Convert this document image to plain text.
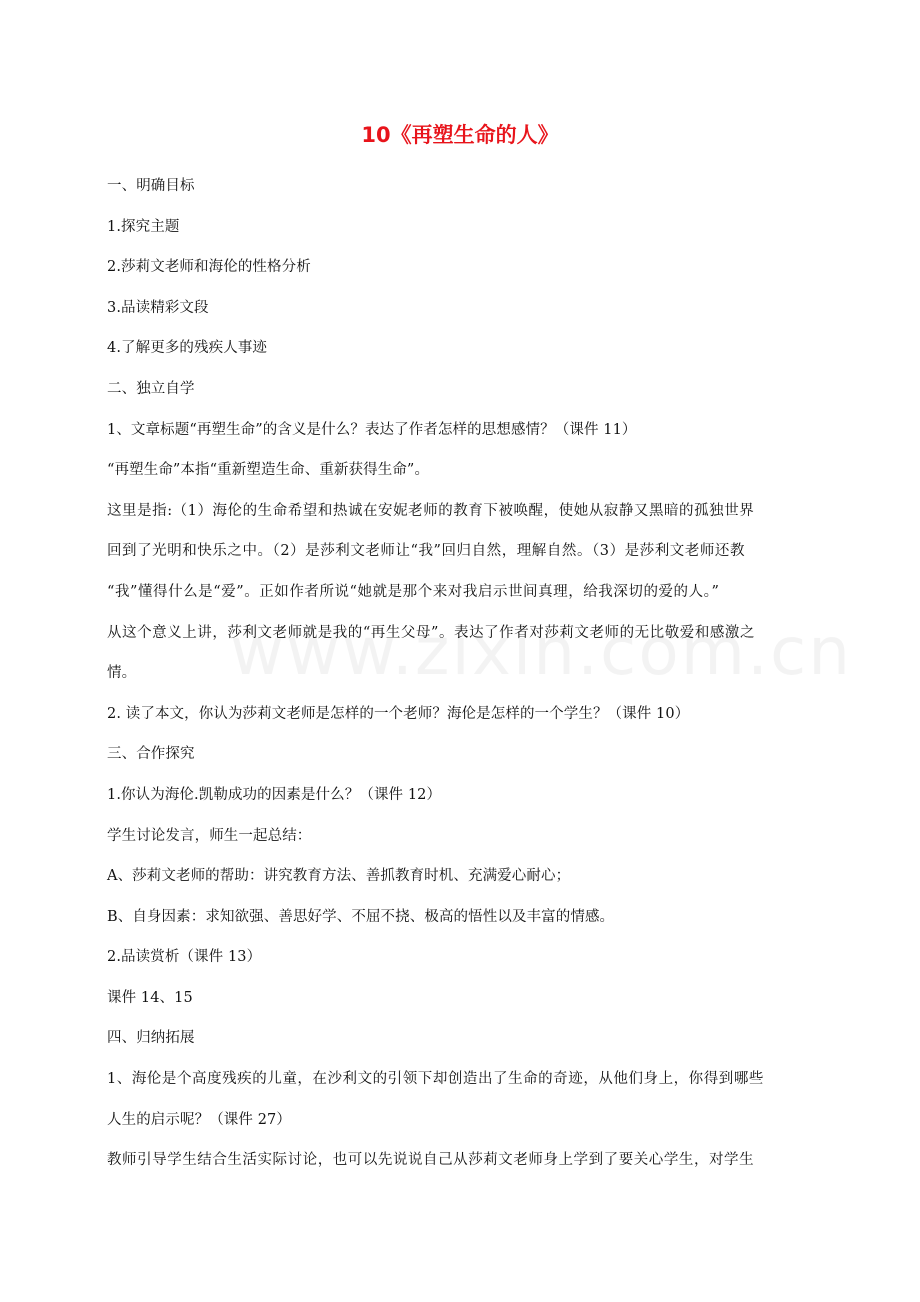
10《再塑生命的人》
一、明确目标
1.探究主题
2.莎莉文老师和海伦的性格分析
3.品读精彩文段
4.了解更多的残疾人事迹
二、独立自学
1、文章标题“再塑生命”的含义是什么？表达了作者怎样的思想感情？（课件 11）
“再塑生命”本指“重新塑造生命、重新获得生命”。
这里是指:（1）海伦的生命希望和热诚在安妮老师的教育下被唤醒，使她从寂静又黑暗的孤独世界
回到了光明和快乐之中。（2）是莎利文老师让“我”回归自然，理解自然。（3）是莎利文老师还教
“我”懂得什么是“爱”。正如作者所说“她就是那个来对我启示世间真理，给我深切的爱的人。”
从这个意义上讲，莎利文老师就是我的“再生父母”。表达了作者对莎莉文老师的无比敬爱和感激之
情。
2. 读了本文，你认为莎莉文老师是怎样的一个老师？海伦是怎样的一个学生？（课件 10）
三、合作探究
1.你认为海伦.凯勒成功的因素是什么？（课件 12）
学生讨论发言，师生一起总结：
A、莎莉文老师的帮助：讲究教育方法、善抓教育时机、充满爱心耐心；
B、自身因素：求知欲强、善思好学、不屈不挠、极高的悟性以及丰富的情感。
2.品读赏析（课件 13）
课件 14、15
四、归纳拓展
1、海伦是个高度残疾的儿童，在沙利文的引领下却创造出了生命的奇迹，从他们身上，你得到哪些
人生的启示呢？（课件 27）
教师引导学生结合生活实际讨论，也可以先说说自己从莎莉文老师身上学到了要关心学生，对学生
